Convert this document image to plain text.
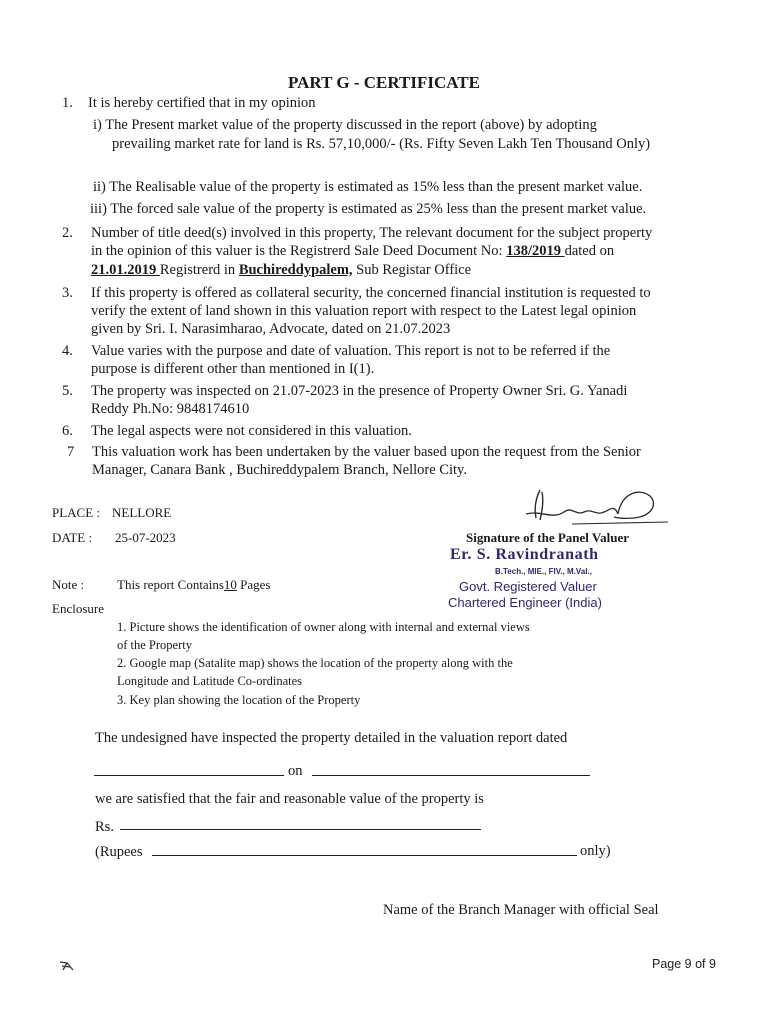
PART G - CERTIFICATE
1. It is hereby certified that in my opinion
i) The Present market value of the property discussed in the report (above) by adopting
prevailing market rate for land is Rs. 57,10,000/- (Rs. Fifty Seven Lakh Ten Thousand Only)
ii) The Realisable value of the property is estimated as 15% less than the present market value.
iii) The forced sale value of the property is estimated as 25% less than the present market value.
2. Number of title deed(s) involved in this property, The relevant document for the subject property
in the opinion of this valuer is the Registrerd Sale Deed Document No: 138/2019 dated on
21.01.2019 Registrerd in Buchireddypalem, Sub Registar Office
3. If this property is offered as collateral security, the concerned financial institution is requested to
verify the extent of land shown in this valuation report with respect to the Latest legal opinion
given by Sri. I. Narasimharao, Advocate, dated on 21.07.2023
4. Value varies with the purpose and date of valuation. This report is not to be referred if the
purpose is different other than mentioned in I(1).
5. The property was inspected on 21.07-2023 in the presence of Property Owner Sri. G. Yanadi
Reddy Ph.No: 9848174610
6. The legal aspects were not considered in this valuation.
7 This valuation work has been undertaken by the valuer based upon the request from the Senior
Manager, Canara Bank , Buchireddypalem Branch, Nellore City.
PLACE : NELLORE
DATE : 25-07-2023	Signature of the Panel Valuer
Er. S. Ravindranath
B.Tech., MIE., FIV., M.Val.,
Govt. Registered Valuer
Chartered Engineer (India)
Note :	This report Contains10 Pages
Enclosure
1. Picture shows the identification of owner along with internal and external views
of the Property
2. Google map (Satalite map) shows the location of the property along with the
Longitude and Latitude Co-ordinates
3. Key plan showing the location of the Property
The undesigned have inspected the property detailed in the valuation report dated
on
we are satisfied that the fair and reasonable value of the property is
Rs.
(Rupees	only)
Name of the Branch Manager with official Seal
Page 9 of 9
